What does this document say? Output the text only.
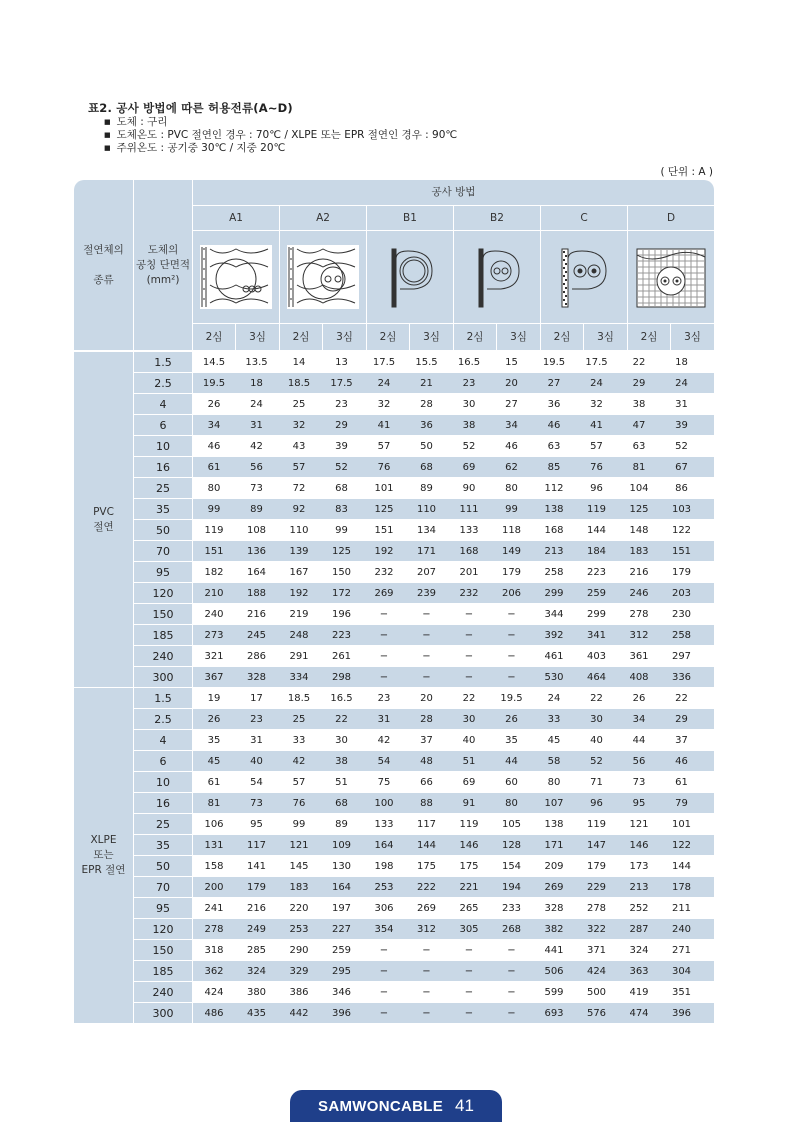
표2. 공사 방법에 따른 허용전류(A~D)
■ 도체 : 구리
■ 도체온도 : PVC 절연인 경우 : 70℃ / XLPE 또는 EPR 절연인 경우 : 90℃
■ 주위온도 : 공기중 30℃ / 지중 20℃
( 단위 : A )
절연체의

종류
도체의
공칭 단면적
(mm²)
공사 방법
A1	A2	B1	B2	C	D
2심	3심	2심	3심	2심	3심	2심	3심	2심	3심	2심	3심
1.5	14.5	13.5	14	13	17.5	15.5	16.5	15	19.5	17.5	22	18
2.5	19.5	18	18.5	17.5	24	21	23	20	27	24	29	24
4	26	24	25	23	32	28	30	27	36	32	38	31
6	34	31	32	29	41	36	38	34	46	41	47	39
10	46	42	43	39	57	50	52	46	63	57	63	52
16	61	56	57	52	76	68	69	62	85	76	81	67
25	80	73	72	68	101	89	90	80	112	96	104	86
35	99	89	92	83	125	110	111	99	138	119	125	103
50	119	108	110	99	151	134	133	118	168	144	148	122
70	151	136	139	125	192	171	168	149	213	184	183	151
95	182	164	167	150	232	207	201	179	258	223	216	179
120	210	188	192	172	269	239	232	206	299	259	246	203
150	240	216	219	196	−	−	−	−	344	299	278	230
185	273	245	248	223	−	−	−	−	392	341	312	258
240	321	286	291	261	−	−	−	−	461	403	361	297
300	367	328	334	298	−	−	−	−	530	464	408	336
PVC
절연
1.5	19	17	18.5	16.5	23	20	22	19.5	24	22	26	22
2.5	26	23	25	22	31	28	30	26	33	30	34	29
4	35	31	33	30	42	37	40	35	45	40	44	37
6	45	40	42	38	54	48	51	44	58	52	56	46
10	61	54	57	51	75	66	69	60	80	71	73	61
16	81	73	76	68	100	88	91	80	107	96	95	79
25	106	95	99	89	133	117	119	105	138	119	121	101
35	131	117	121	109	164	144	146	128	171	147	146	122
50	158	141	145	130	198	175	175	154	209	179	173	144
70	200	179	183	164	253	222	221	194	269	229	213	178
95	241	216	220	197	306	269	265	233	328	278	252	211
120	278	249	253	227	354	312	305	268	382	322	287	240
150	318	285	290	259	−	−	−	−	441	371	324	271
185	362	324	329	295	−	−	−	−	506	424	363	304
240	424	380	386	346	−	−	−	−	599	500	419	351
300	486	435	442	396	−	−	−	−	693	576	474	396
XLPE
또는
EPR 절연
SAMWONCABLE 41
